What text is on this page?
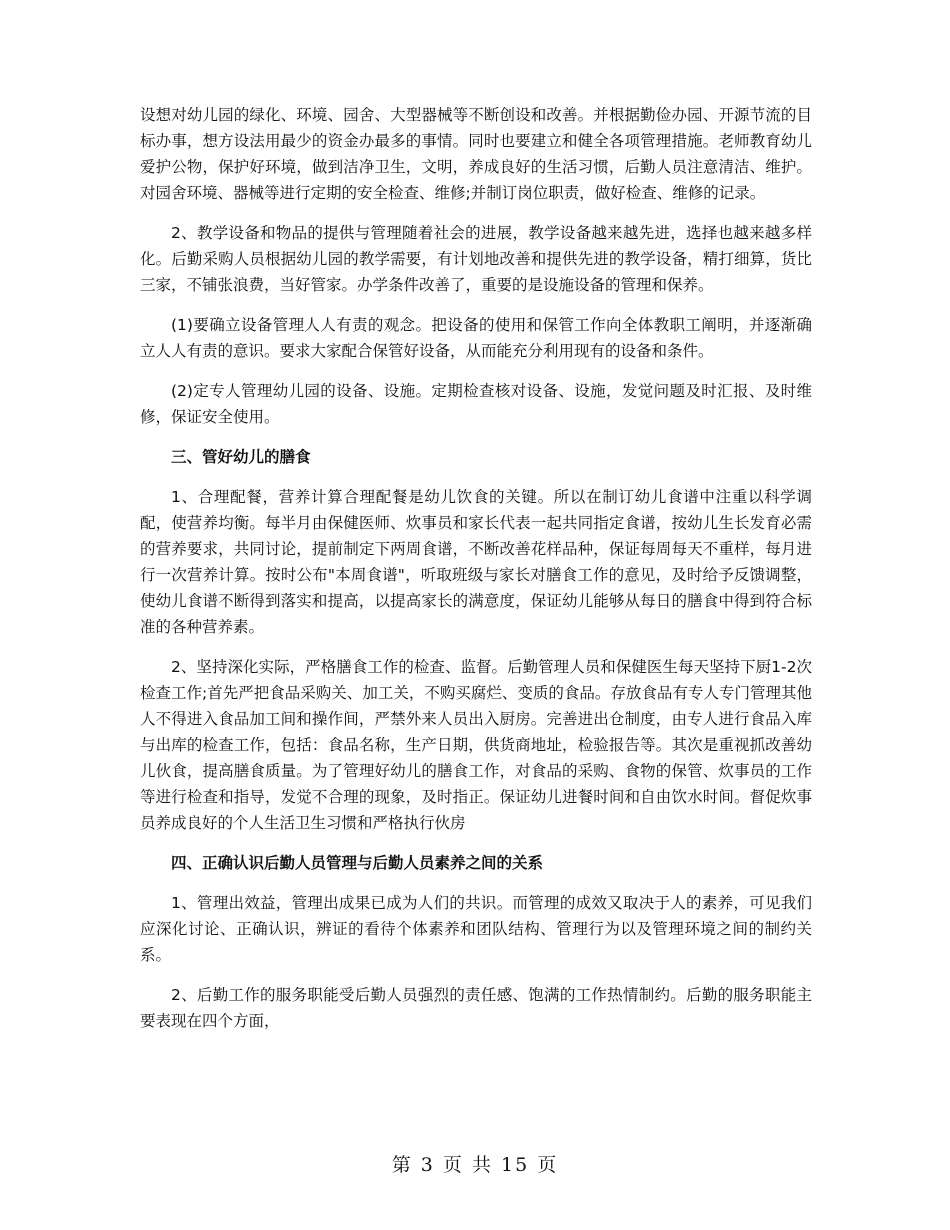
设想对幼儿园的绿化、环境、园舍、大型器械等不断创设和改善。并根据勤俭办园、开源节流的目标办事，想方设法用最少的资金办最多的事情。同时也要建立和健全各项管理措施。老师教育幼儿爱护公物，保护好环境，做到洁净卫生，文明，养成良好的生活习惯，后勤人员注意清洁、维护。对园舍环境、器械等进行定期的安全检查、维修;并制订岗位职责，做好检查、维修的记录。

2、教学设备和物品的提供与管理随着社会的进展，教学设备越来越先进，选择也越来越多样化。后勤采购人员根据幼儿园的教学需要，有计划地改善和提供先进的教学设备，精打细算，货比三家，不铺张浪费，当好管家。办学条件改善了，重要的是设施设备的管理和保养。

(1)要确立设备管理人人有责的观念。把设备的使用和保管工作向全体教职工阐明，并逐渐确立人人有责的意识。要求大家配合保管好设备，从而能充分利用现有的设备和条件。

(2)定专人管理幼儿园的设备、设施。定期检查核对设备、设施，发觉问题及时汇报、及时维修，保证安全使用。

三、管好幼儿的膳食

1、合理配餐，营养计算合理配餐是幼儿饮食的关键。所以在制订幼儿食谱中注重以科学调配，使营养均衡。每半月由保健医师、炊事员和家长代表一起共同指定食谱，按幼儿生长发育必需的营养要求，共同讨论，提前制定下两周食谱，不断改善花样品种，保证每周每天不重样，每月进行一次营养计算。按时公布"本周食谱"，听取班级与家长对膳食工作的意见，及时给予反馈调整，使幼儿食谱不断得到落实和提高，以提高家长的满意度，保证幼儿能够从每日的膳食中得到符合标准的各种营养素。

2、坚持深化实际，严格膳食工作的检查、监督。后勤管理人员和保健医生每天坚持下厨1-2次检查工作;首先严把食品采购关、加工关，不购买腐烂、变质的食品。存放食品有专人专门管理其他人不得进入食品加工间和操作间，严禁外来人员出入厨房。完善进出仓制度，由专人进行食品入库与出库的检查工作，包括：食品名称，生产日期，供货商地址，检验报告等。其次是重视抓改善幼儿伙食，提高膳食质量。为了管理好幼儿的膳食工作，对食品的采购、食物的保管、炊事员的工作等进行检查和指导，发觉不合理的现象，及时指正。保证幼儿进餐时间和自由饮水时间。督促炊事员养成良好的个人生活卫生习惯和严格执行伙房

四、正确认识后勤人员管理与后勤人员素养之间的关系

1、管理出效益，管理出成果已成为人们的共识。而管理的成效又取决于人的素养，可见我们应深化讨论、正确认识，辨证的看待个体素养和团队结构、管理行为以及管理环境之间的制约关系。

2、后勤工作的服务职能受后勤人员强烈的责任感、饱满的工作热情制约。后勤的服务职能主要表现在四个方面，

第 3 页 共 15 页
